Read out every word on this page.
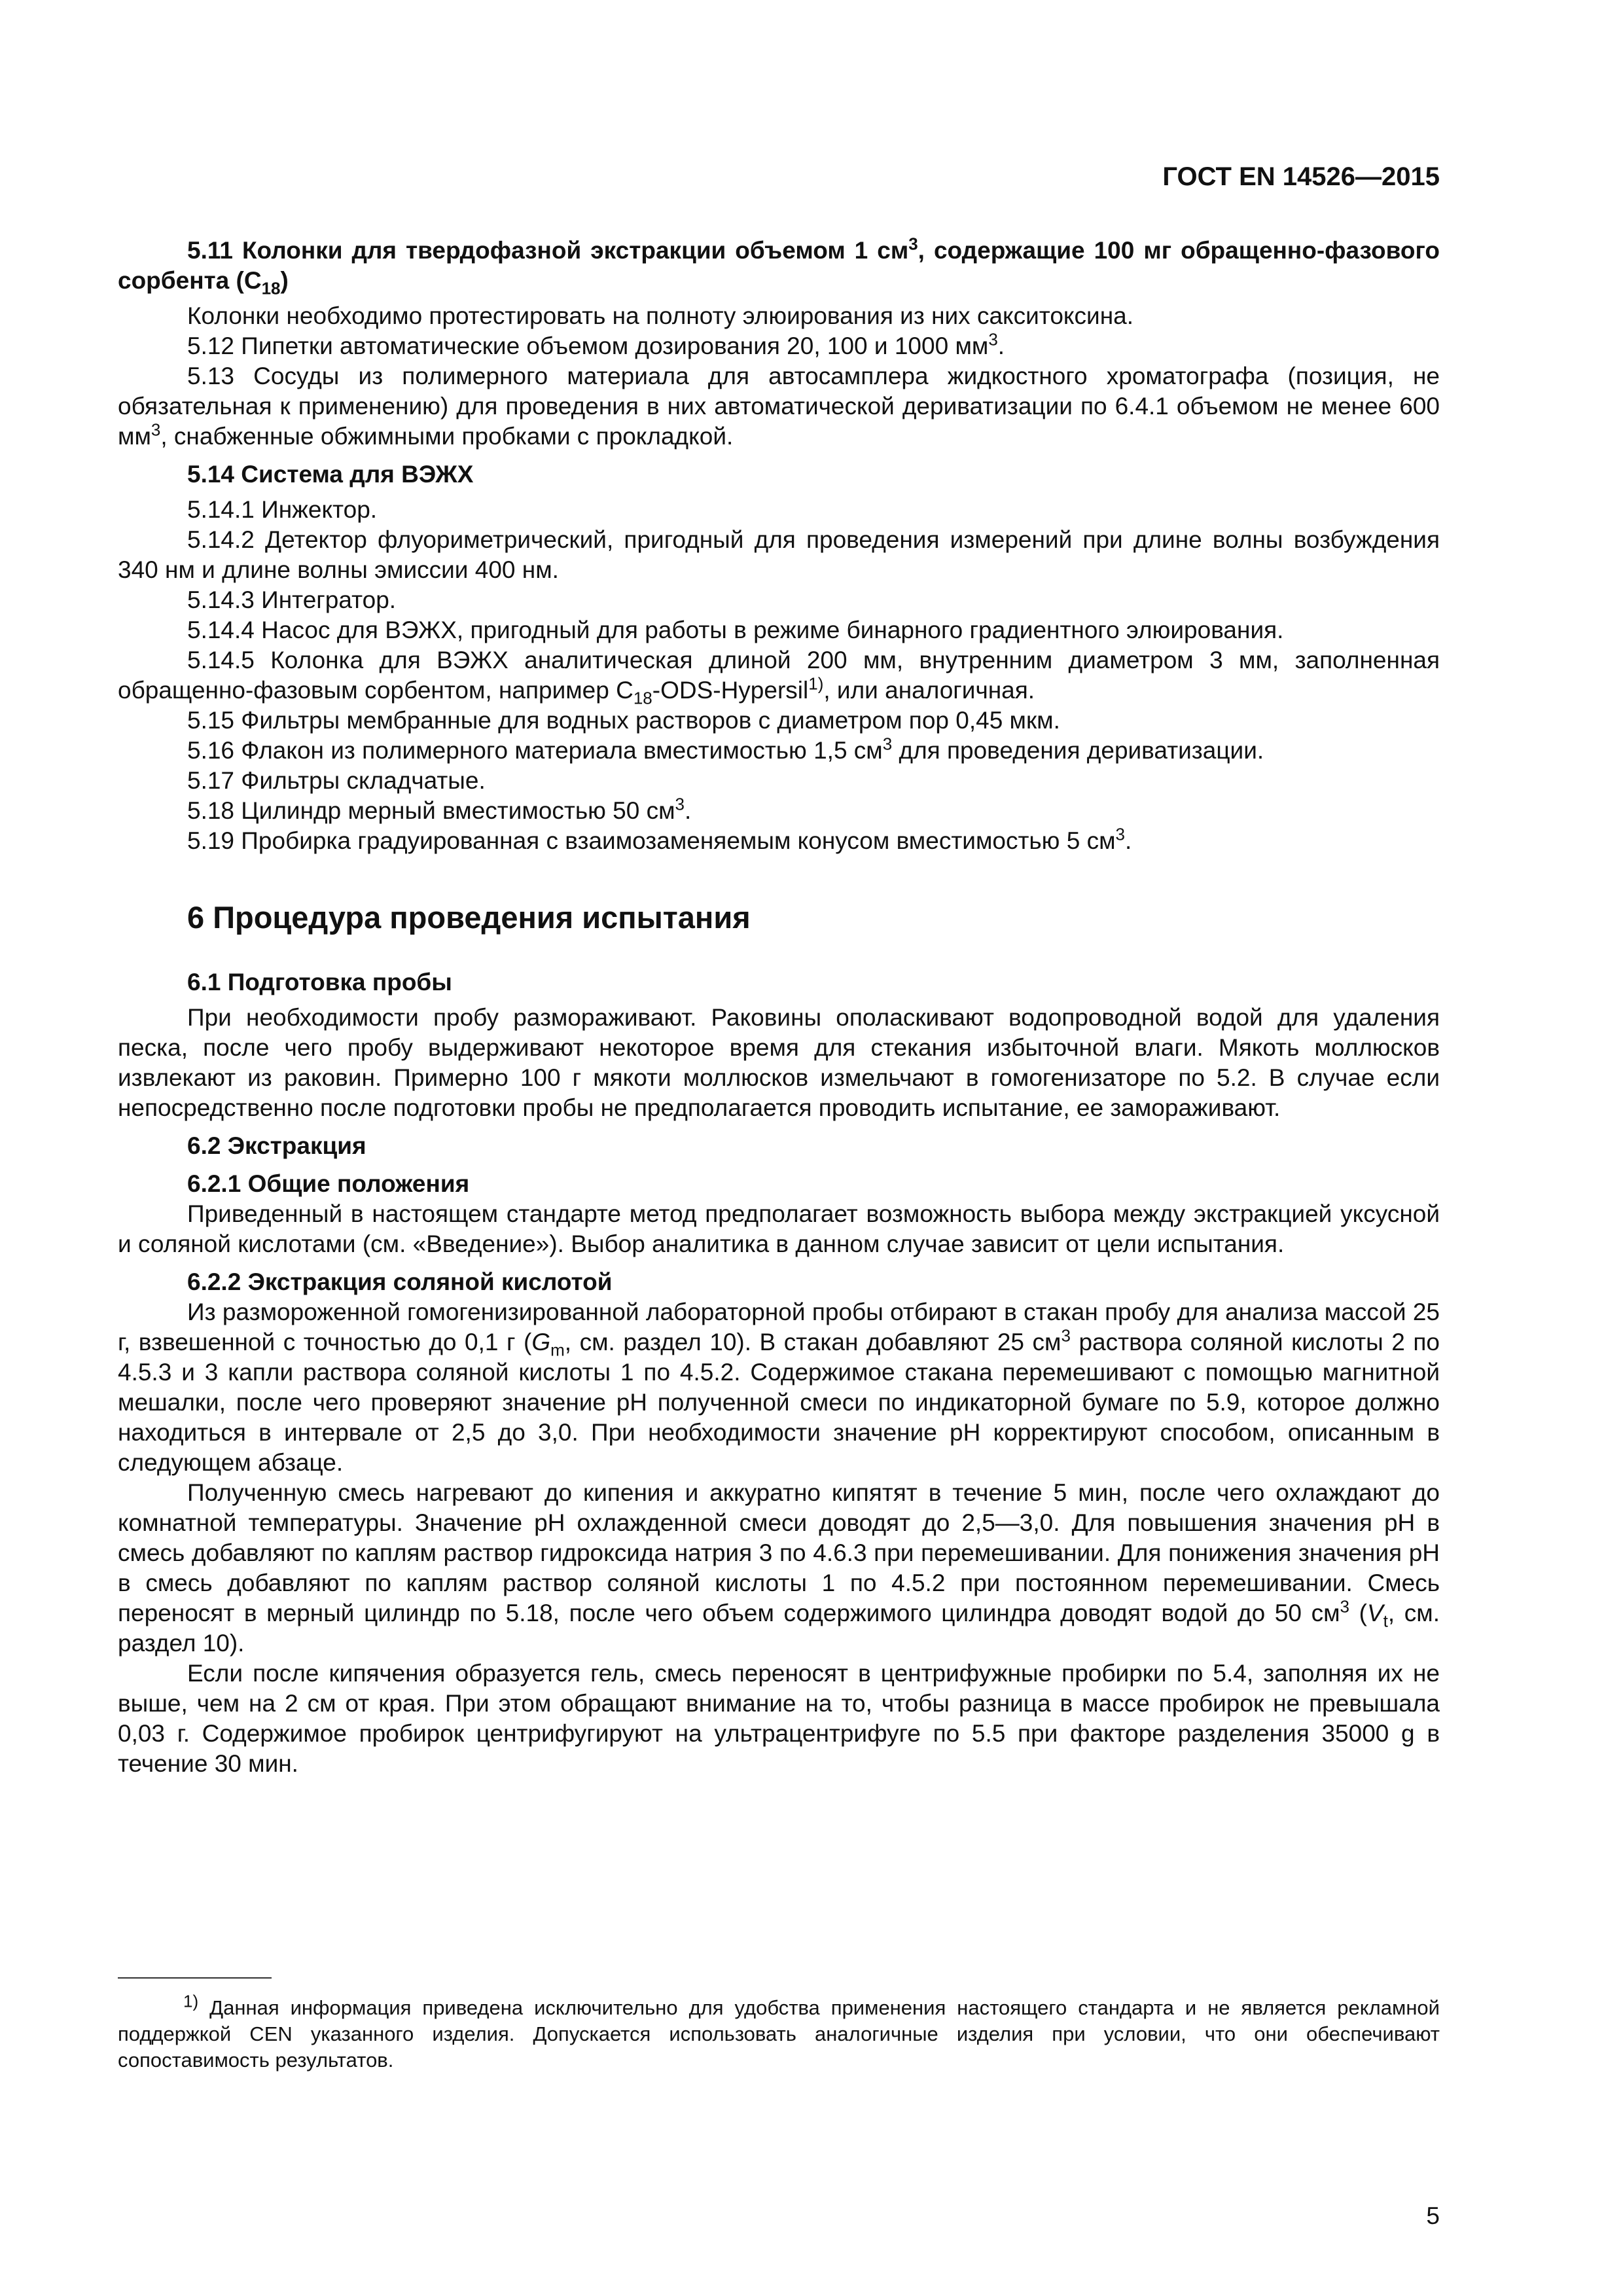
ГОСТ EN 14526—2015

5.11 Колонки для твердофазной экстракции объемом 1 $см^3$, содержащие 100 мг обращенно-фазового сорбента $(С_{18})$

Колонки необходимо протестировать на полноту элюирования из них сакситоксина.

5.12 Пипетки автоматические объемом дозирования 20, 100 и 1000 $мм^3$.

5.13 Сосуды из полимерного материала для автосамплера жидкостного хроматографа (позиция, не обязательная к применению) для проведения в них автоматической дериватизации по 6.4.1 объемом не менее 600 $мм^3$, снабженные обжимными пробками с прокладкой.

5.14 Система для ВЭЖХ

5.14.1 Инжектор.

5.14.2 Детектор флуориметрический, пригодный для проведения измерений при длине волны возбуждения 340 нм и длине волны эмиссии 400 нм.

5.14.3 Интегратор.

5.14.4 Насос для ВЭЖХ, пригодный для работы в режиме бинарного градиентного элюирования.

5.14.5 Колонка для ВЭЖХ аналитическая длиной 200 мм, внутренним диаметром 3 мм, заполненная обращенно-фазовым сорбентом, например $С_{18}-ODS-Hypersil^{1)}$, или аналогичная.

5.15 Фильтры мембранные для водных растворов с диаметром пор 0,45 мкм.

5.16 Флакон из полимерного материала вместимостью 1,5 $см^3$ для проведения дериватизации.

5.17 Фильтры складчатые.

5.18 Цилиндр мерный вместимостью 50 $см^3$.

5.19 Пробирка градуированная с взаимозаменяемым конусом вместимостью 5 $см^3$.

6 Процедура проведения испытания

6.1 Подготовка пробы

При необходимости пробу размораживают. Раковины ополаскивают водопроводной водой для удаления песка, после чего пробу выдерживают некоторое время для стекания избыточной влаги. Мякоть моллюсков извлекают из раковин. Примерно 100 г мякоти моллюсков измельчают в гомогенизаторе по 5.2. В случае если непосредственно после подготовки пробы не предполагается проводить испытание, ее замораживают.

6.2 Экстракция

6.2.1 Общие положения

Приведенный в настоящем стандарте метод предполагает возможность выбора между экстракцией уксусной и соляной кислотами (см. «Введение»). Выбор аналитика в данном случае зависит от цели испытания.

6.2.2 Экстракция соляной кислотой

Из размороженной гомогенизированной лабораторной пробы отбирают в стакан пробу для анализа массой 25 г, взвешенной с точностью до 0,1 г ($G_m$, см. раздел 10). В стакан добавляют 25 $см^3$ раствора соляной кислоты 2 по 4.5.3 и 3 капли раствора соляной кислоты 1 по 4.5.2. Содержимое стакана перемешивают с помощью магнитной мешалки, после чего проверяют значение рН полученной смеси по индикаторной бумаге по 5.9, которое должно находиться в интервале от 2,5 до 3,0. При необходимости значение рН корректируют способом, описанным в следующем абзаце.

Полученную смесь нагревают до кипения и аккуратно кипятят в течение 5 мин, после чего охлаждают до комнатной температуры. Значение рН охлажденной смеси доводят до 2,5—3,0. Для повышения значения рН в смесь добавляют по каплям раствор гидроксида натрия 3 по 4.6.3 при перемешивании. Для понижения значения рН в смесь добавляют по каплям раствор соляной кислоты 1 по 4.5.2 при постоянном перемешивании. Смесь переносят в мерный цилиндр по 5.18, после чего объем содержимого цилиндра доводят водой до 50 $см^3$ ($V_t$, см. раздел 10).

Если после кипячения образуется гель, смесь переносят в центрифужные пробирки по 5.4, заполняя их не выше, чем на 2 см от края. При этом обращают внимание на то, чтобы разница в массе пробирок не превышала 0,03 г. Содержимое пробирок центрифугируют на ультрацентрифуге по 5.5 при факторе разделения 35000 g в течение 30 мин.

$^{1)}$ Данная информация приведена исключительно для удобства применения настоящего стандарта и не является рекламной поддержкой CEN указанного изделия. Допускается использовать аналогичные изделия при условии, что они обеспечивают сопоставимость результатов.

5
